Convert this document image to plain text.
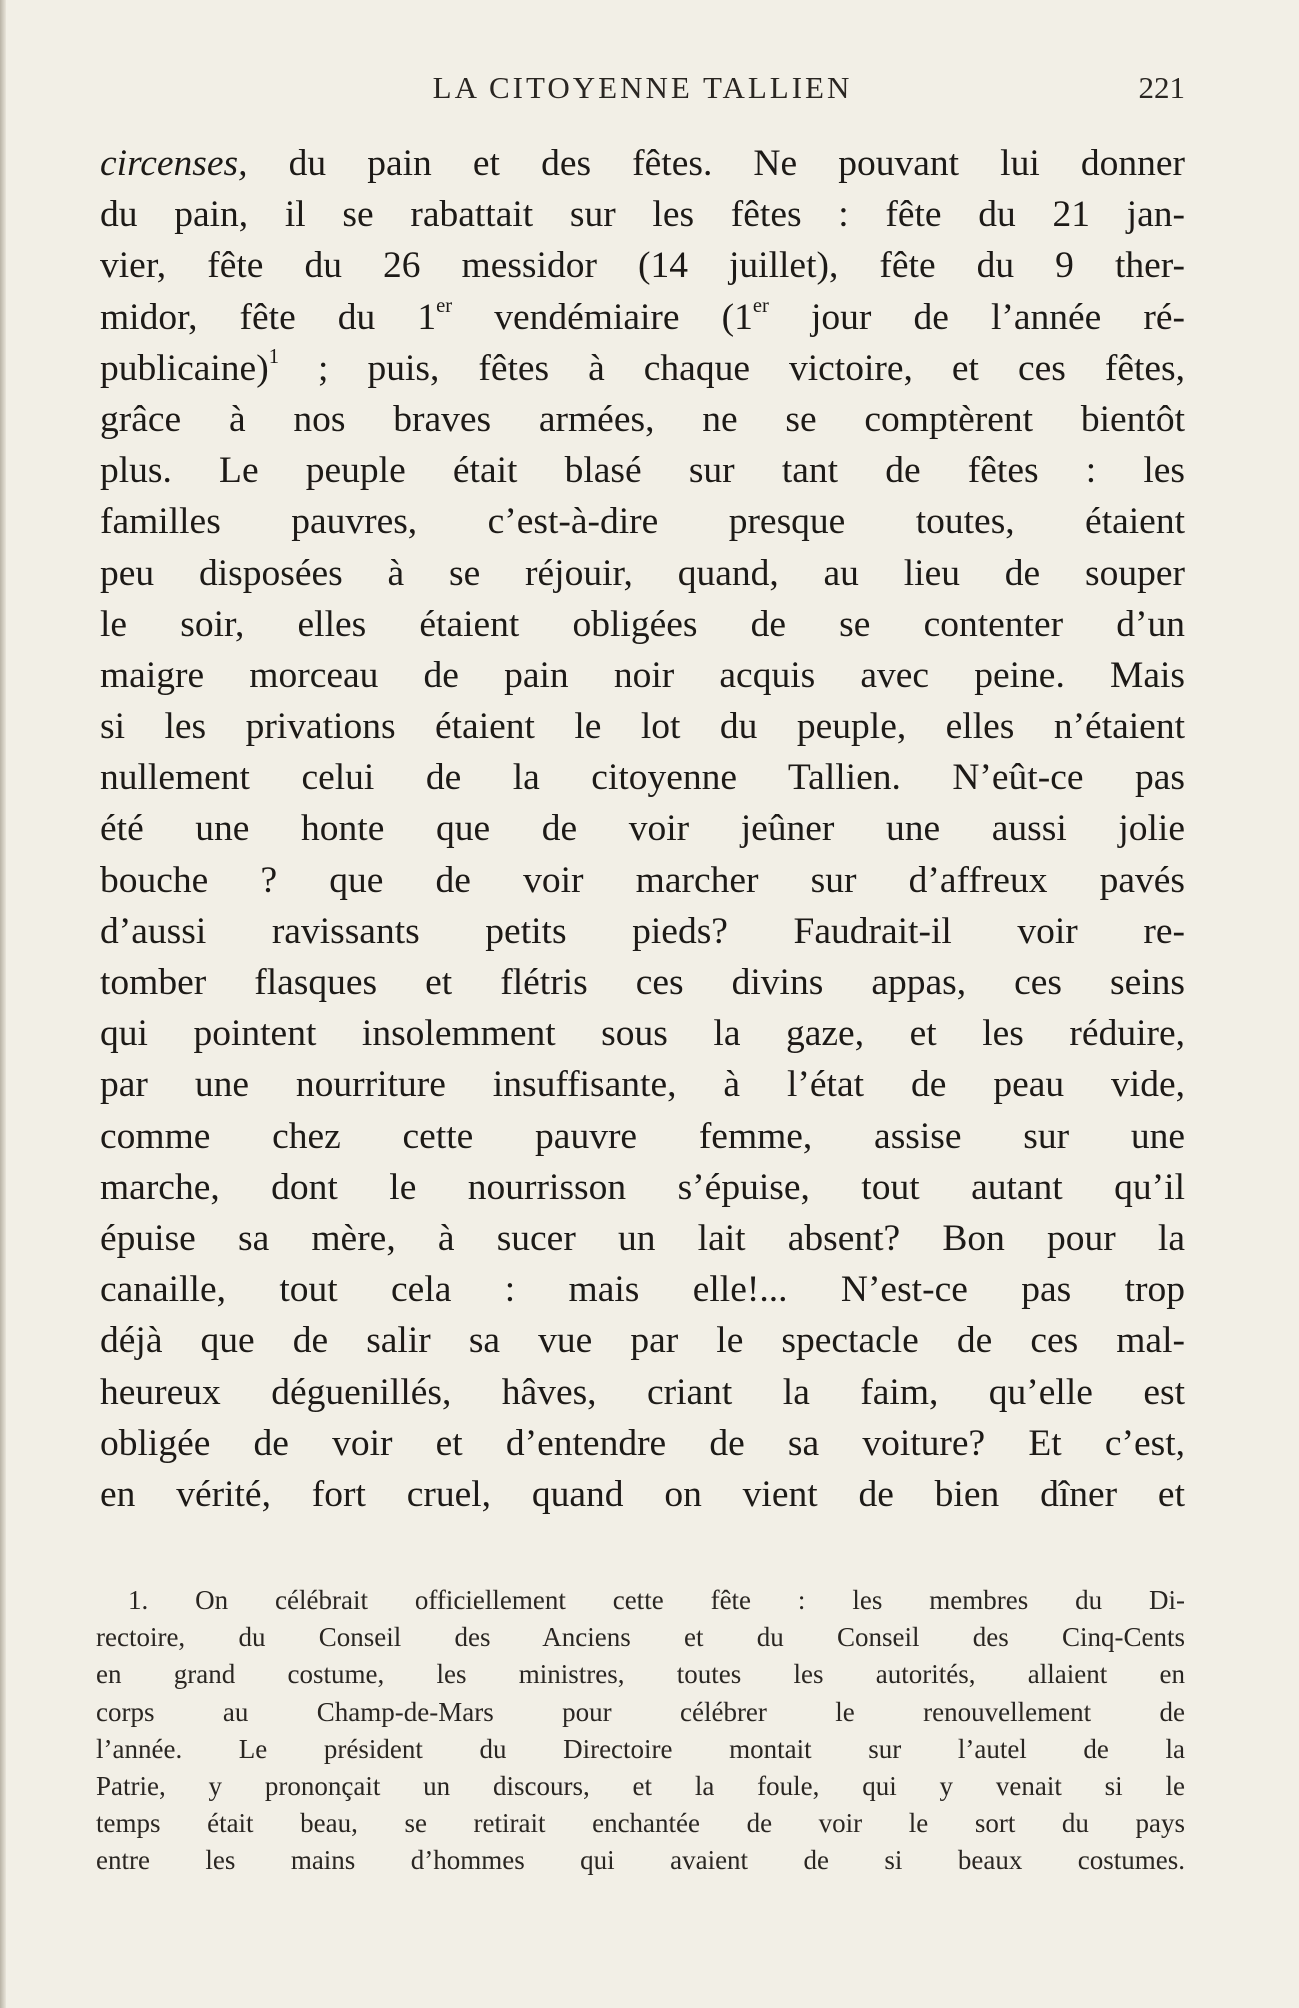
LA CITOYENNE TALLIEN	221
circenses, du pain et des fêtes. Ne pouvant lui donner
du pain, il se rabattait sur les fêtes : fête du 21 jan-
vier, fête du 26 messidor (14 juillet), fête du 9 ther-
midor, fête du 1er vendémiaire (1er jour de l’année ré-
publicaine)$^1$ ; puis, fêtes à chaque victoire, et ces fêtes,
grâce à nos braves armées, ne se comptèrent bientôt
plus. Le peuple était blasé sur tant de fêtes : les
familles pauvres, c’est-à-dire presque toutes, étaient
peu disposées à se réjouir, quand, au lieu de souper
le soir, elles étaient obligées de se contenter d’un
maigre morceau de pain noir acquis avec peine. Mais
si les privations étaient le lot du peuple, elles n’étaient
nullement celui de la citoyenne Tallien. N’eût-ce pas
été une honte que de voir jeûner une aussi jolie
bouche ? que de voir marcher sur d’affreux pavés
d’aussi ravissants petits pieds? Faudrait-il voir re-
tomber flasques et flétris ces divins appas, ces seins
qui pointent insolemment sous la gaze, et les réduire,
par une nourriture insuffisante, à l’état de peau vide,
comme chez cette pauvre femme, assise sur une
marche, dont le nourrisson s’épuise, tout autant qu’il
épuise sa mère, à sucer un lait absent? Bon pour la
canaille, tout cela : mais elle!... N’est-ce pas trop
déjà que de salir sa vue par le spectacle de ces mal-
heureux déguenillés, hâves, criant la faim, qu’elle est
obligée de voir et d’entendre de sa voiture? Et c’est,
en vérité, fort cruel, quand on vient de bien dîner et
1. On célébrait officiellement cette fête : les membres du Di-
rectoire, du Conseil des Anciens et du Conseil des Cinq-Cents
en grand costume, les ministres, toutes les autorités, allaient en
corps au Champ-de-Mars pour célébrer le renouvellement de
l’année. Le président du Directoire montait sur l’autel de la
Patrie, y prononçait un discours, et la foule, qui y venait si le
temps était beau, se retirait enchantée de voir le sort du pays
entre les mains d’hommes qui avaient de si beaux costumes.
